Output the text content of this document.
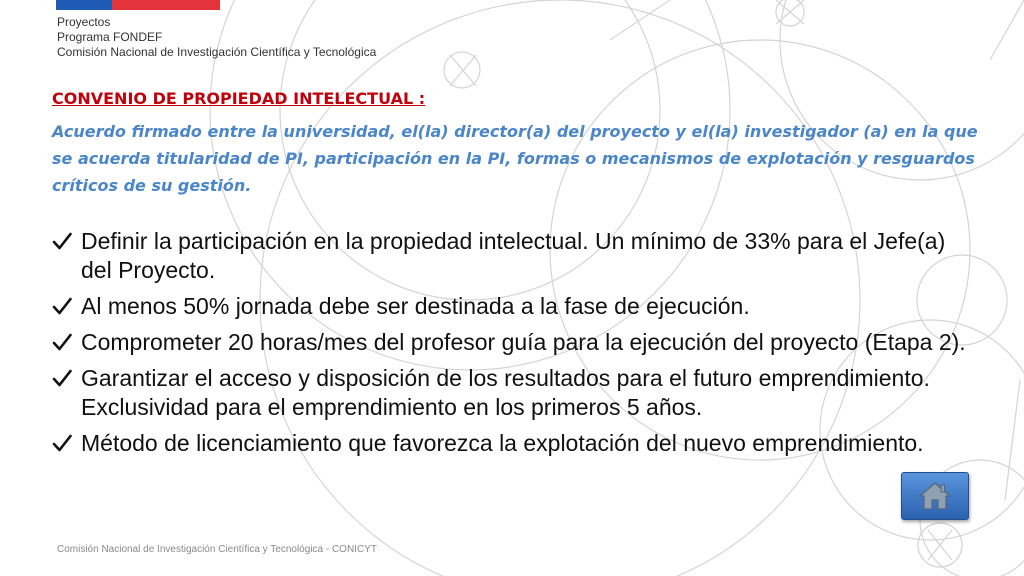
Proyectos
Programa FONDEF
Comisión Nacional de Investigación Científica y Tecnológica
CONVENIO DE PROPIEDAD INTELECTUAL :
Acuerdo firmado entre la universidad, el(la) director(a) del proyecto y el(la) investigador (a) en la que se acuerda titularidad de PI, participación en la PI, formas o mecanismos de explotación y resguardos críticos de su gestión.
Definir la participación en la propiedad intelectual. Un mínimo de 33% para el Jefe(a) del Proyecto.
Al menos 50% jornada debe ser destinada a la fase de ejecución.
Comprometer 20 horas/mes del profesor guía para la ejecución del proyecto (Etapa 2).
Garantizar el acceso y disposición de los resultados para el futuro emprendimiento. Exclusividad para el emprendimiento en los primeros 5 años.
Método de licenciamiento que favorezca la explotación del nuevo emprendimiento.
Comisión Nacional de Investigación Científica y Tecnológica - CONICYT
